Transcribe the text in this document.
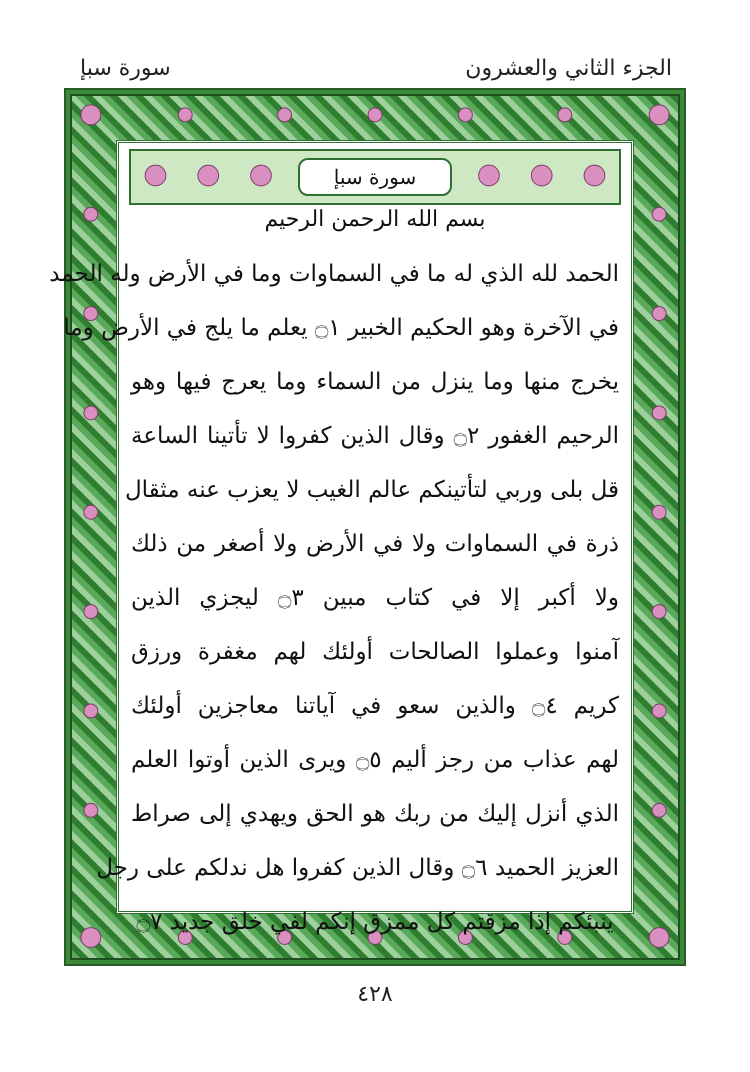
سورة سبإ	الجزء الثاني والعشرون
سورة سبإ
بسم الله الرحمن الرحيم
الحمد لله الذي له ما في السماوات وما في الأرض وله الحمد
في الآخرة وهو الحكيم الخبير ۝١ يعلم ما يلج في الأرض وما
يخرج منها وما ينزل من السماء وما يعرج فيها وهو
الرحيم الغفور ۝٢ وقال الذين كفروا لا تأتينا الساعة
قل بلى وربي لتأتينكم عالم الغيب لا يعزب عنه مثقال
ذرة في السماوات ولا في الأرض ولا أصغر من ذلك
ولا أكبر إلا في كتاب مبين ۝٣ ليجزي الذين
آمنوا وعملوا الصالحات أولئك لهم مغفرة ورزق
كريم ۝٤ والذين سعو في آياتنا معاجزين أولئك
لهم عذاب من رجز أليم ۝٥ ويرى الذين أوتوا العلم
الذي أنزل إليك من ربك هو الحق ويهدي إلى صراط
العزيز الحميد ۝٦ وقال الذين كفروا هل ندلكم على رجل
ينبئكم إذا مزقتم كل ممزق إنكم لفي خلق جديد ۝٧
٤٢٨
